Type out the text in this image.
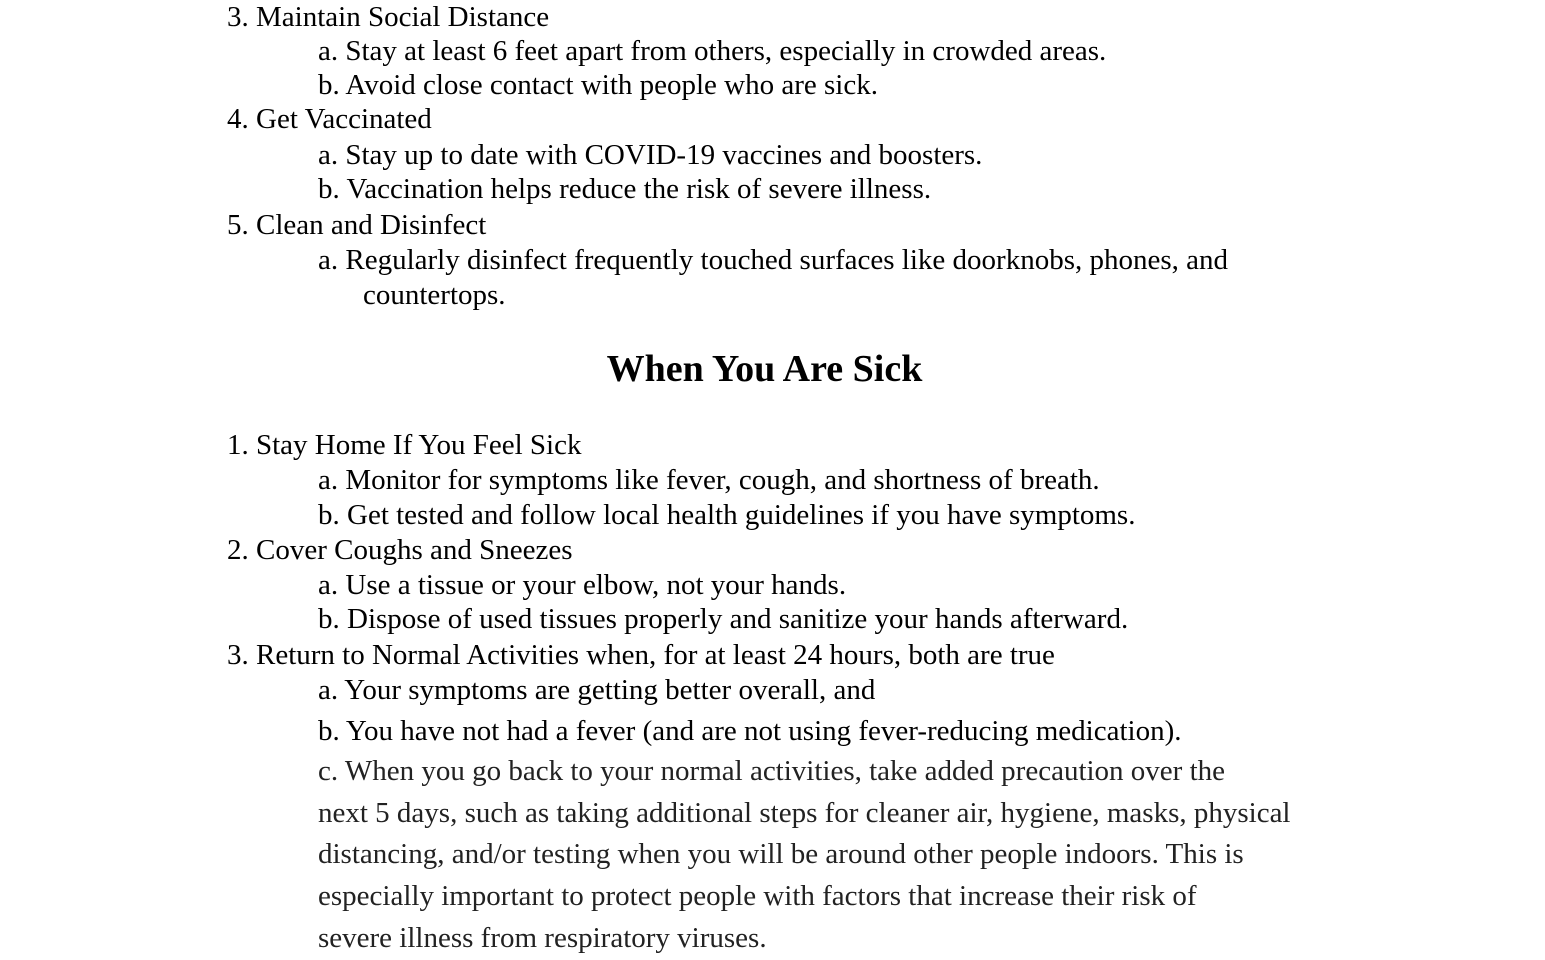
3. Maintain Social Distance
a. Stay at least 6 feet apart from others, especially in crowded areas.
b. Avoid close contact with people who are sick.
4. Get Vaccinated
a. Stay up to date with COVID-19 vaccines and boosters.
b. Vaccination helps reduce the risk of severe illness.
5. Clean and Disinfect
a. Regularly disinfect frequently touched surfaces like doorknobs, phones, and
countertops.
When You Are Sick
1. Stay Home If You Feel Sick
a. Monitor for symptoms like fever, cough, and shortness of breath.
b. Get tested and follow local health guidelines if you have symptoms.
2. Cover Coughs and Sneezes
a. Use a tissue or your elbow, not your hands.
b. Dispose of used tissues properly and sanitize your hands afterward.
3. Return to Normal Activities when, for at least 24 hours, both are true
a. Your symptoms are getting better overall, and
b. You have not had a fever (and are not using fever-reducing medication).
c. When you go back to your normal activities, take added precaution over the
next 5 days, such as taking additional steps for cleaner air, hygiene, masks, physical
distancing, and/or testing when you will be around other people indoors. This is
especially important to protect people with factors that increase their risk of
severe illness from respiratory viruses.
